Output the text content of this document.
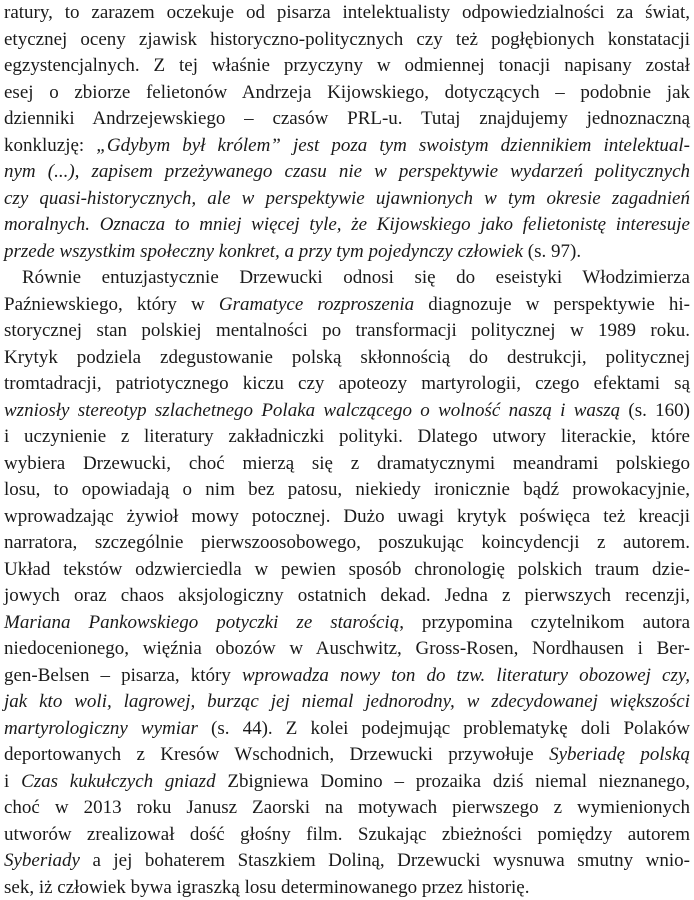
ratury, to zarazem oczekuje od pisarza intelektualisty odpowiedzialności za świat,
etycznej oceny zjawisk historyczno-politycznych czy też pogłębionych konstatacji
egzystencjalnych. Z tej właśnie przyczyny w odmiennej tonacji napisany został
esej o zbiorze felietonów Andrzeja Kijowskiego, dotyczących – podobnie jak
dzienniki Andrzejewskiego – czasów PRL-u. Tutaj znajdujemy jednoznaczną
konkluzję: „Gdybym był królem” jest poza tym swoistym dziennikiem intelektual-
nym (...), zapisem przeżywanego czasu nie w perspektywie wydarzeń politycznych
czy quasi-historycznych, ale w perspektywie ujawnionych w tym okresie zagadnień
moralnych. Oznacza to mniej więcej tyle, że Kijowskiego jako felietonistę interesuje
przede wszystkim społeczny konkret, a przy tym pojedynczy człowiek (s. 97).
Równie entuzjastycznie Drzewucki odnosi się do eseistyki Włodzimierza
Paźniewskiego, który w Gramatyce rozproszenia diagnozuje w perspektywie hi-
storycznej stan polskiej mentalności po transformacji politycznej w 1989 roku.
Krytyk podziela zdegustowanie polską skłonnością do destrukcji, politycznej
tromtadracji, patriotycznego kiczu czy apoteozy martyrologii, czego efektami są
wzniosły stereotyp szlachetnego Polaka walczącego o wolność naszą i waszą (s. 160)
i uczynienie z literatury zakładniczki polityki. Dlatego utwory literackie, które
wybiera Drzewucki, choć mierzą się z dramatycznymi meandrami polskiego
losu, to opowiadają o nim bez patosu, niekiedy ironicznie bądź prowokacyjnie,
wprowadzając żywioł mowy potocznej. Dużo uwagi krytyk poświęca też kreacji
narratora, szczególnie pierwszoosobowego, poszukując koincydencji z autorem.
Układ tekstów odzwierciedla w pewien sposób chronologię polskich traum dzie-
jowych oraz chaos aksjologiczny ostatnich dekad. Jedna z pierwszych recenzji,
Mariana Pankowskiego potyczki ze starością, przypomina czytelnikom autora
niedocenionego, więźnia obozów w Auschwitz, Gross-Rosen, Nordhausen i Ber-
gen-Belsen – pisarza, który wprowadza nowy ton do tzw. literatury obozowej czy,
jak kto woli, lagrowej, burząc jej niemal jednorodny, w zdecydowanej większości
martyrologiczny wymiar (s. 44). Z kolei podejmując problematykę doli Polaków
deportowanych z Kresów Wschodnich, Drzewucki przywołuje Syberiadę polską
i Czas kukułczych gniazd Zbigniewa Domino – prozaika dziś niemal nieznanego,
choć w 2013 roku Janusz Zaorski na motywach pierwszego z wymienionych
utworów zrealizował dość głośny film. Szukając zbieżności pomiędzy autorem
Syberiady a jej bohaterem Staszkiem Doliną, Drzewucki wysnuwa smutny wnio-
sek, iż człowiek bywa igraszką losu determinowanego przez historię.
